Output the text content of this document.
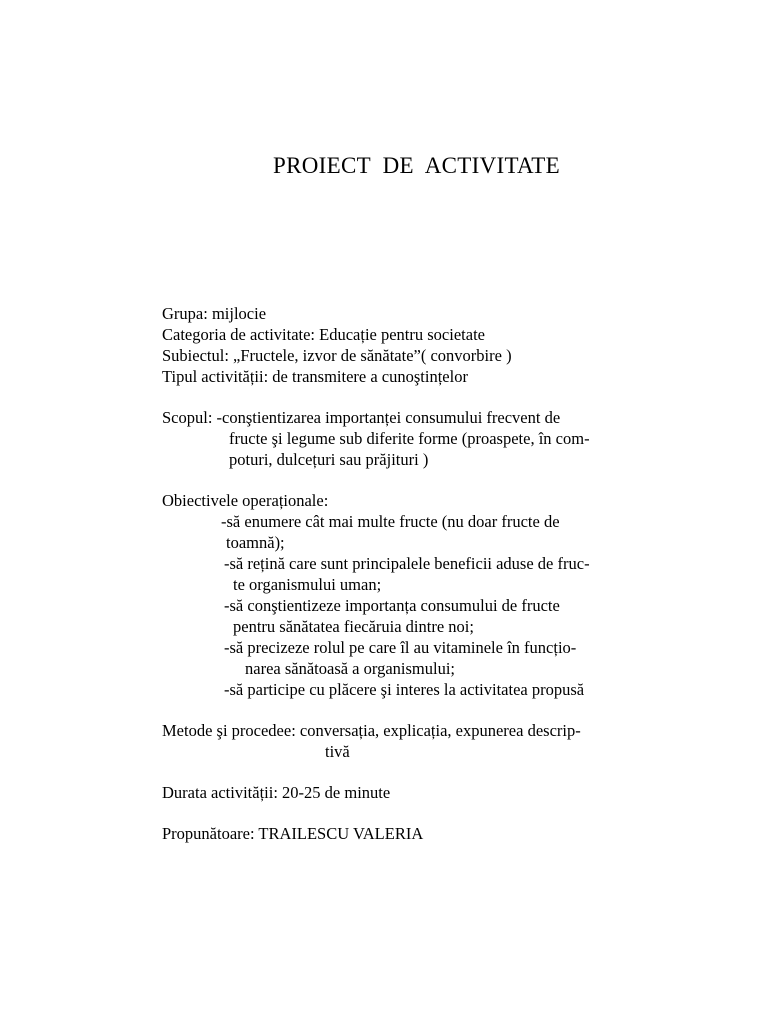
PROIECT  DE  ACTIVITATE
Grupa: mijlocie
Categoria de activitate: Educație pentru societate
Subiectul: „Fructele, izvor de sănătate”( convorbire )
Tipul activității: de transmitere a cunoştințelor
Scopul: -conştientizarea importanței consumului frecvent de
fructe şi legume sub diferite forme (proaspete, în com-
poturi, dulcețuri sau prăjituri )
Obiectivele operaționale:
-să enumere cât mai multe fructe (nu doar fructe de
toamnă);
-să rețină care sunt principalele beneficii aduse de fruc-
te organismului uman;
-să conştientizeze importanța consumului de fructe
pentru sănătatea fiecăruia dintre noi;
-să precizeze rolul pe care îl au vitaminele în funcțio-
narea sănătoasă a organismului;
-să participe cu plăcere şi interes la activitatea propusă
Metode şi procedee: conversația, explicația, expunerea descrip-
tivă
Durata activității: 20-25 de minute
Propunătoare: TRAILESCU VALERIA
